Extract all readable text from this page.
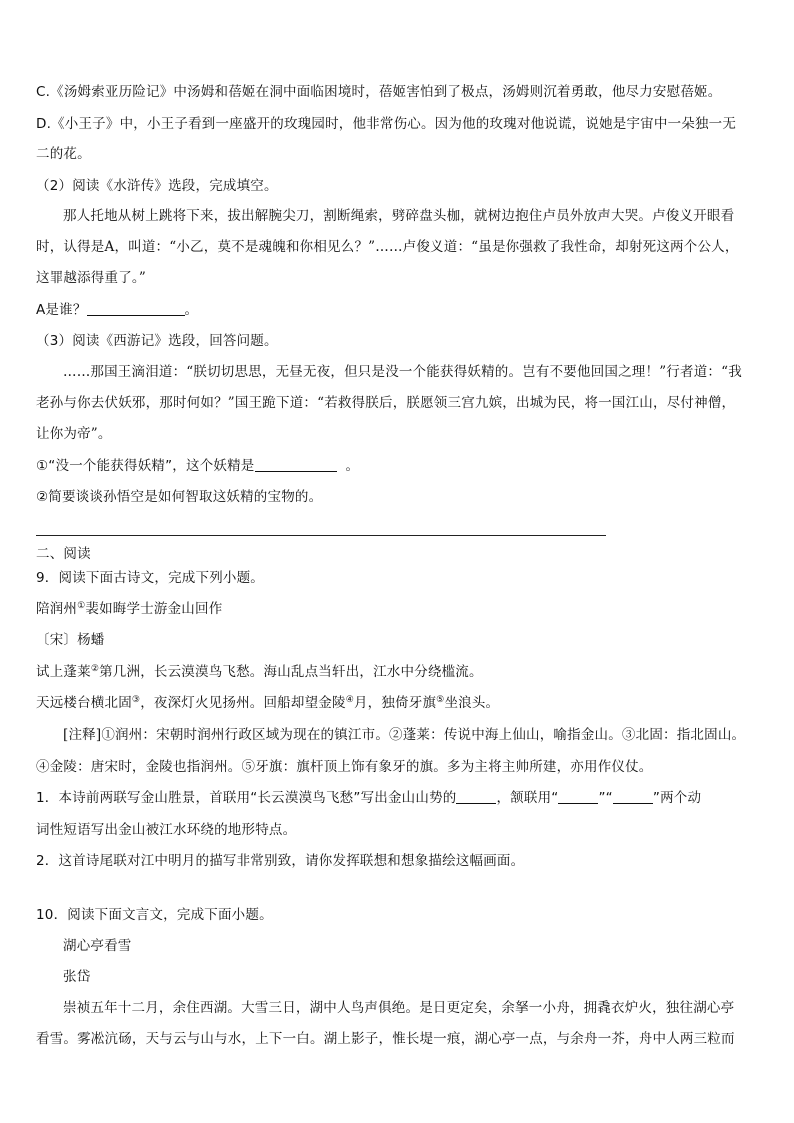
C.《汤姆索亚历险记》中汤姆和蓓姬在洞中面临困境时，蓓姬害怕到了极点，汤姆则沉着勇敢，他尽力安慰蓓姬。
D.《小王子》中，小王子看到一座盛开的玫瑰园时，他非常伤心。因为他的玫瑰对他说谎，说她是宇宙中一朵独一无
二的花。
（2）阅读《水浒传》选段，完成填空。
那人托地从树上跳将下来，拔出解腕尖刀，割断绳索，劈碎盘头枷，就树边抱住卢员外放声大哭。卢俊义开眼看
时，认得是A，叫道：“小乙，莫不是魂魄和你相见么？”……卢俊义道：“虽是你强救了我性命，却射死这两个公人，
这罪越添得重了。”
A是谁？	。
（3）阅读《西游记》选段，回答问题。
……那国王滴泪道：“朕切切思思，无昼无夜，但只是没一个能获得妖精的。岂有不要他回国之理！”行者道：“我
老孙与你去伏妖邪，那时何如？”国王跪下道：“若救得朕后，朕愿领三宫九嫔，出城为民，将一国江山，尽付神僧，
让你为帝”。
①“没一个能获得妖精”，这个妖精是	。
②简要谈谈孙悟空是如何智取这妖精的宝物的。
二、阅读
9．阅读下面古诗文，完成下列小题。
陪润州①裴如晦学士游金山回作
〔宋〕杨蟠
试上蓬莱②第几洲，长云漠漠鸟飞愁。海山乱点当轩出，江水中分绕槛流。
天远楼台横北固③，夜深灯火见扬州。回船却望金陵④月，独倚牙旗⑤坐浪头。
[注释]①润州：宋朝时润州行政区域为现在的镇江市。②蓬莱：传说中海上仙山，喻指金山。③北固：指北固山。
④金陵：唐宋时，金陵也指润州。⑤牙旗：旗杆顶上饰有象牙的旗。多为主将主帅所建，亦用作仪仗。
1．本诗前两联写金山胜景，首联用“长云漠漠鸟飞愁”写出金山山势的	，颔联用“	”“	”两个动
词性短语写出金山被江水环绕的地形特点。
2．这首诗尾联对江中明月的描写非常别致，请你发挥联想和想象描绘这幅画面。
10．阅读下面文言文，完成下面小题。
湖心亭看雪
张岱
崇祯五年十二月，余住西湖。大雪三日，湖中人鸟声俱绝。是日更定矣，余拏一小舟，拥毳衣炉火，独往湖心亭
看雪。雾凇沆砀，天与云与山与水，上下一白。湖上影子，惟长堤一痕，湖心亭一点，与余舟一芥，舟中人两三粒而
